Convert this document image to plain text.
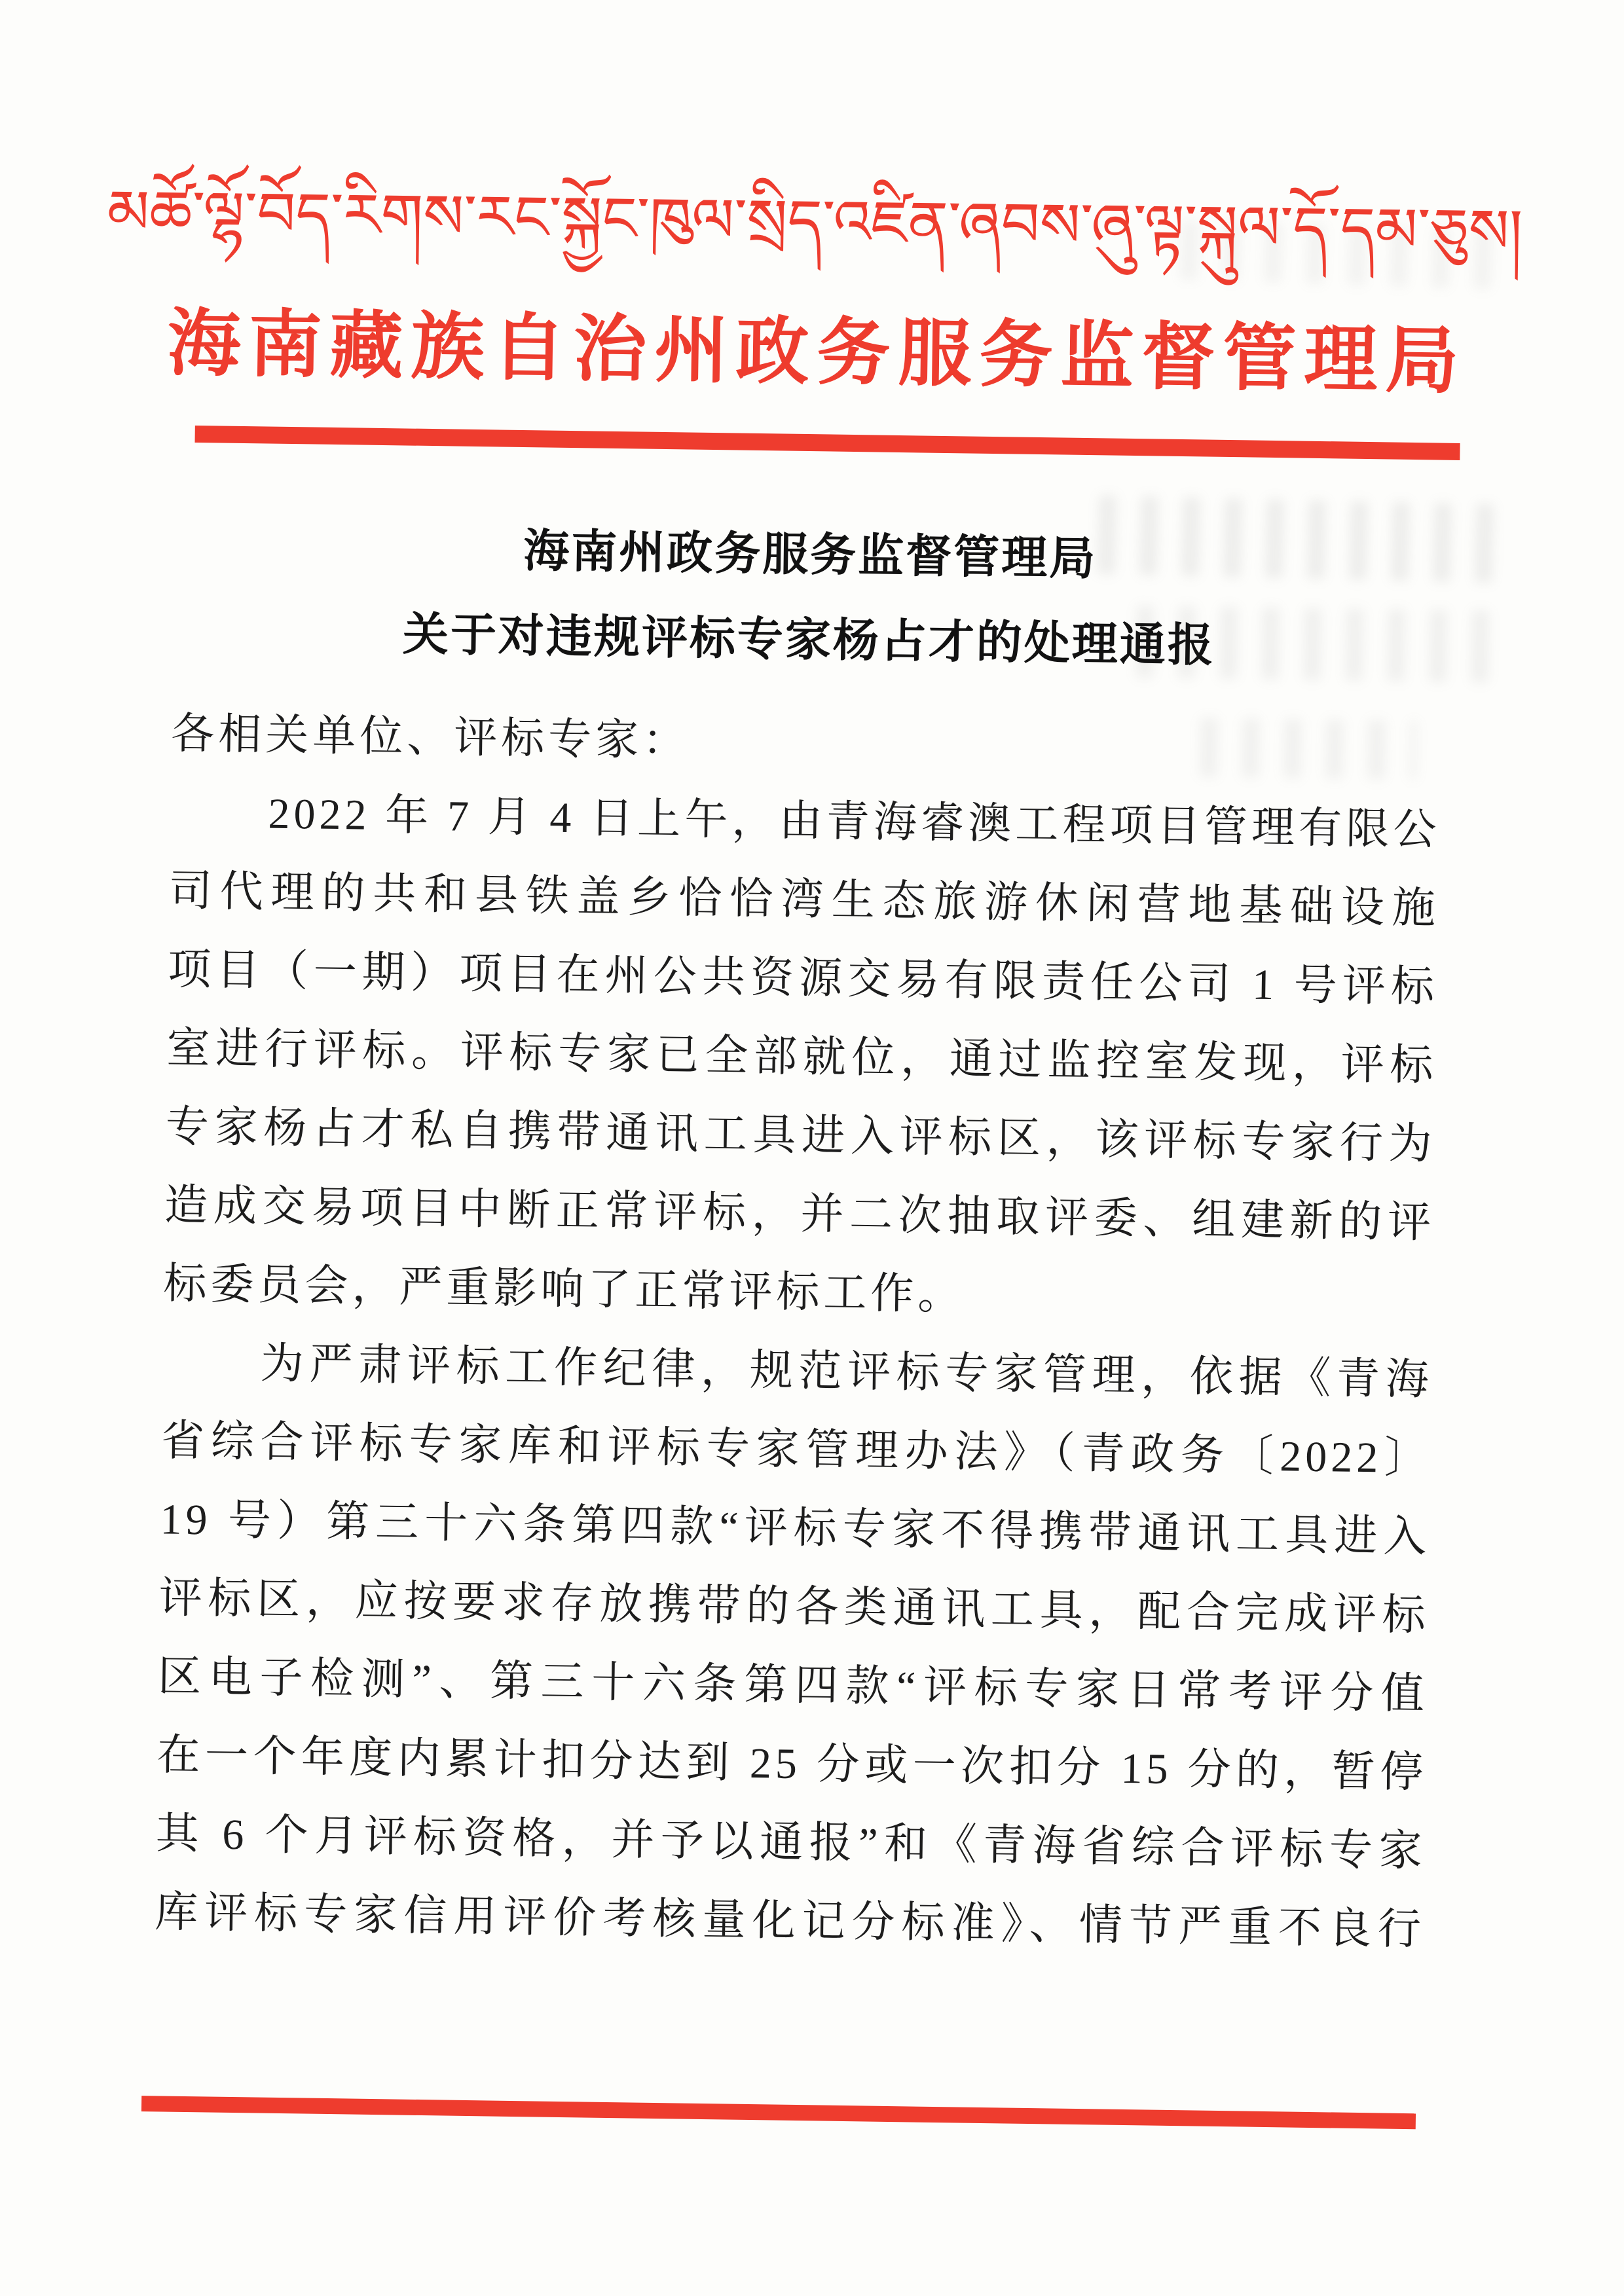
མཚོ་ལྷོ་བོད་རིགས་རང་སྐྱོང་ཁུལ་སྲིད་འཛིན་ཞབས་ཞུ་ལྟ་སྐུལ་དོ་དམ་ཅུས།
海南藏族自治州政务服务监督管理局
海南州政务服务监督管理局
关于对违规评标专家杨占才的处理通报
各相关单位、评标专家：
2022 年 7 月 4 日上午，由青海睿澳工程项目管理有限公
司代理的共和县铁盖乡恰恰湾生态旅游休闲营地基础设施
项目（一期）项目在州公共资源交易有限责任公司 1 号评标
室进行评标。评标专家已全部就位，通过监控室发现，评标
专家杨占才私自携带通讯工具进入评标区，该评标专家行为
造成交易项目中断正常评标，并二次抽取评委、组建新的评
标委员会，严重影响了正常评标工作。
为严肃评标工作纪律，规范评标专家管理，依据《青海
省综合评标专家库和评标专家管理办法》（青政务〔2022〕
19 号）第三十六条第四款“评标专家不得携带通讯工具进入
评标区，应按要求存放携带的各类通讯工具，配合完成评标
区电子检测”、第三十六条第四款“评标专家日常考评分值
在一个年度内累计扣分达到 25 分或一次扣分 15 分的，暂停
其 6 个月评标资格，并予以通报”和《青海省综合评标专家
库评标专家信用评价考核量化记分标准》、情节严重不良行
